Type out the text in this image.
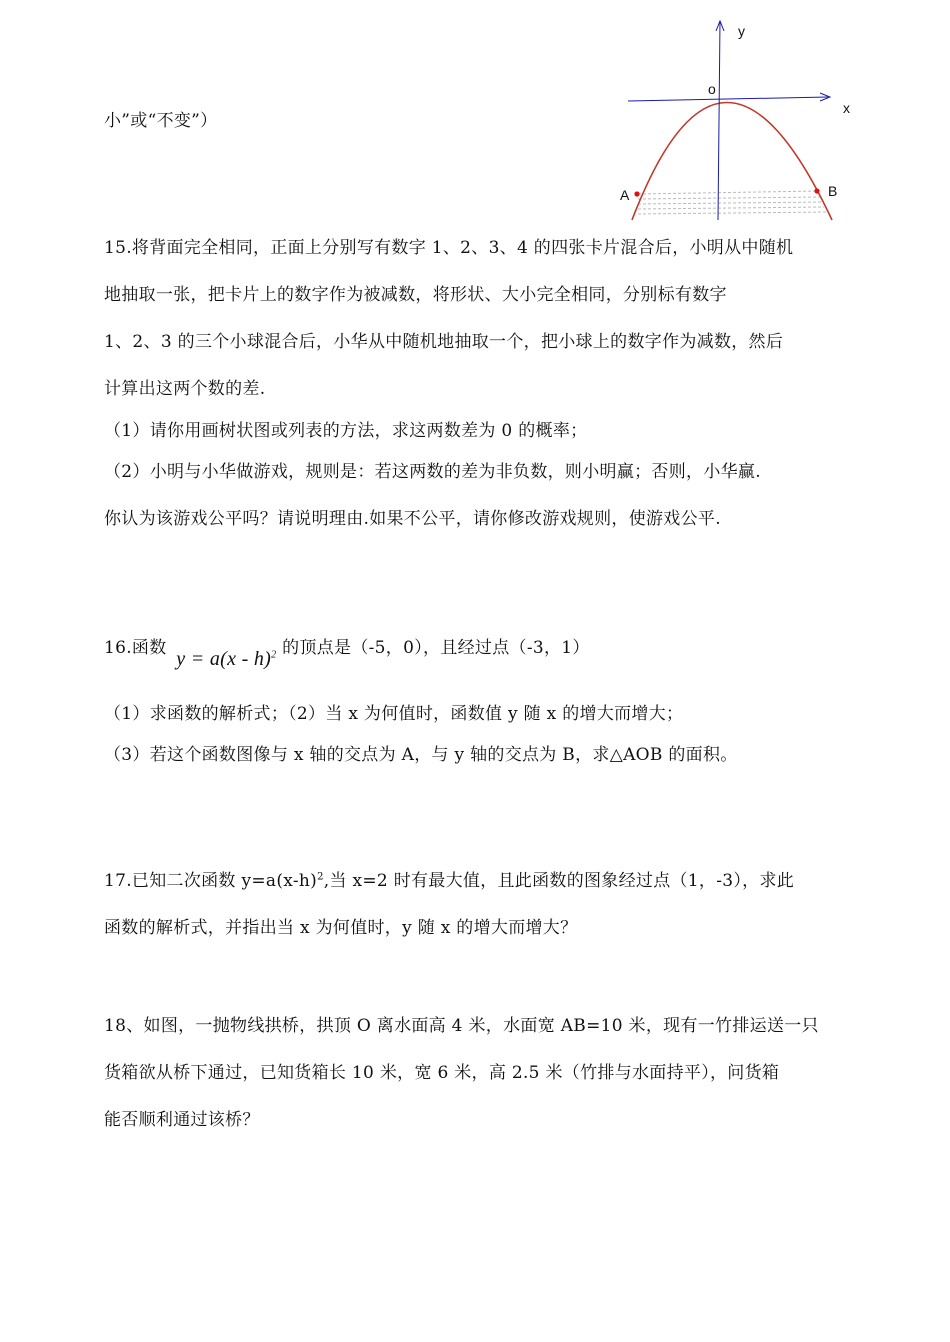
小”或“不变”）
y
x
o
A	B
15.将背面完全相同，正面上分别写有数字 1、2、3、4 的四张卡片混合后，小明从中随机
地抽取一张，把卡片上的数字作为被减数，将形状、大小完全相同，分别标有数字
1、2、3 的三个小球混合后，小华从中随机地抽取一个，把小球上的数字作为减数，然后
计算出这两个数的差.
（1）请你用画树状图或列表的方法，求这两数差为 0 的概率；
（2）小明与小华做游戏，规则是：若这两数的差为非负数，则小明赢；否则，小华赢.
你认为该游戏公平吗？请说明理由.如果不公平，请你修改游戏规则，使游戏公平.
16.函数 y = a(x - h)$^2$ 的顶点是（-5，0），且经过点（-3，1）
（1）求函数的解析式；（2）当 x 为何值时，函数值 y 随 x 的增大而增大；
（3）若这个函数图像与 x 轴的交点为 A，与 y 轴的交点为 B，求△AOB 的面积。
17.已知二次函数 $y=a(x-h)^2$,当 x=2 时有最大值，且此函数的图象经过点（1，-3），求此
函数的解析式，并指出当 x 为何值时，y 随 x 的增大而增大？
18、如图，一抛物线拱桥，拱顶 O 离水面高 4 米，水面宽 AB=10 米，现有一竹排运送一只
货箱欲从桥下通过，已知货箱长 10 米，宽 6 米，高 2.5 米（竹排与水面持平），问货箱
能否顺利通过该桥？
